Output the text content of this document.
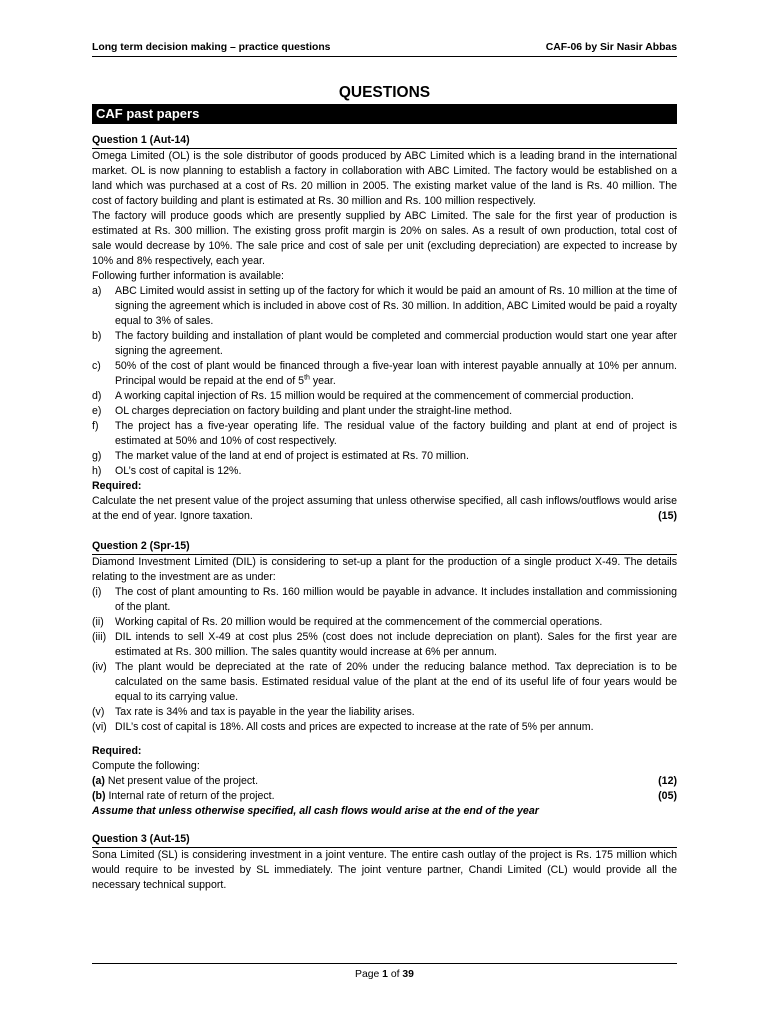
Long term decision making – practice questions	CAF-06 by Sir Nasir Abbas
QUESTIONS
CAF past papers
Question 1 (Aut-14)

Omega Limited (OL) is the sole distributor of goods produced by ABC Limited which is a leading brand in the international market. OL is now planning to establish a factory in collaboration with ABC Limited. The factory would be established on a land which was purchased at a cost of Rs. 20 million in 2005. The existing market value of the land is Rs. 40 million. The cost of factory building and plant is estimated at Rs. 30 million and Rs. 100 million respectively.

The factory will produce goods which are presently supplied by ABC Limited. The sale for the first year of production is estimated at Rs. 300 million. The existing gross profit margin is 20% on sales. As a result of own production, total cost of sale would decrease by 10%. The sale price and cost of sale per unit (excluding depreciation) are expected to increase by 10% and 8% respectively, each year.

Following further information is available:

a)	ABC Limited would assist in setting up of the factory for which it would be paid an amount of Rs. 10 million at the time of signing the agreement which is included in above cost of Rs. 30 million. In addition, ABC Limited would be paid a royalty equal to 3% of sales.
b)	The factory building and installation of plant would be completed and commercial production would start one year after signing the agreement.
c)	50% of the cost of plant would be financed through a five-year loan with interest payable annually at 10% per annum. Principal would be repaid at the end of 5th year.
d)	A working capital injection of Rs. 15 million would be required at the commencement of commercial production.
e)	OL charges depreciation on factory building and plant under the straight-line method.
f)	The project has a five-year operating life. The residual value of the factory building and plant at end of project is estimated at 50% and 10% of cost respectively.
g)	The market value of the land at end of project is estimated at Rs. 70 million.
h)	OL’s cost of capital is 12%.

Required:

Calculate the net present value of the project assuming that unless otherwise specified, all cash inflows/outflows would arise at the end of year. Ignore taxation.	(15)
Question 2 (Spr-15)

Diamond Investment Limited (DIL) is considering to set-up a plant for the production of a single product X-49. The details relating to the investment are as under:

(i)	The cost of plant amounting to Rs. 160 million would be payable in advance. It includes installation and commissioning of the plant.
(ii)	Working capital of Rs. 20 million would be required at the commencement of the commercial operations.
(iii) DIL intends to sell X-49 at cost plus 25% (cost does not include depreciation on plant). Sales for the first year are estimated at Rs. 300 million. The sales quantity would increase at 6% per annum.
(iv) The plant would be depreciated at the rate of 20% under the reducing balance method. Tax depreciation is to be calculated on the same basis. Estimated residual value of the plant at the end of its useful life of four years would be equal to its carrying value.
(v)	Tax rate is 34% and tax is payable in the year the liability arises.
(vi) DIL’s cost of capital is 18%. All costs and prices are expected to increase at the rate of 5% per annum.

Required:

Compute the following:

(a) Net present value of the project.	(12)
(b) Internal rate of return of the project.	(05)
Assume that unless otherwise specified, all cash flows would arise at the end of the year
Question 3 (Aut-15)

Sona Limited (SL) is considering investment in a joint venture. The entire cash outlay of the project is Rs. 175 million which would require to be invested by SL immediately. The joint venture partner, Chandi Limited (CL) would provide all the necessary technical support.

Page 1 of 39
